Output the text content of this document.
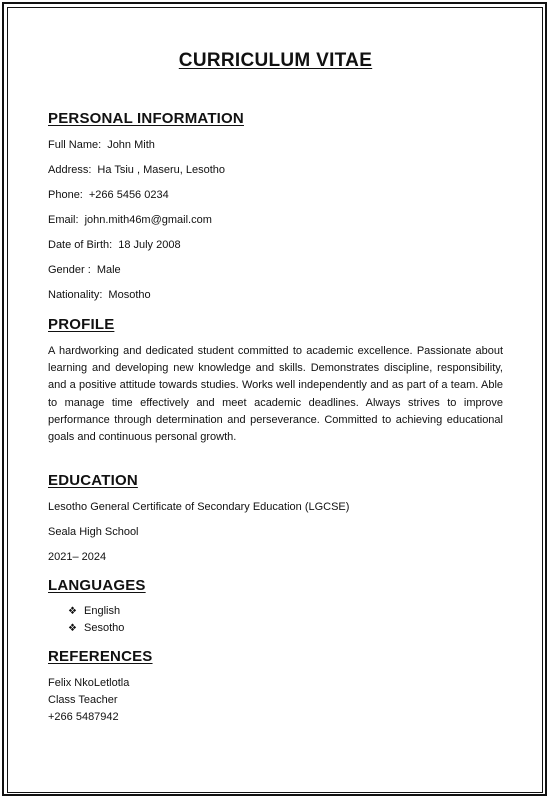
CURRICULUM VITAE
PERSONAL INFORMATION
Full Name: John Mith
Address: Ha Tsiu , Maseru, Lesotho
Phone: +266 5456 0234
Email: john.mith46m@gmail.com
Date of Birth: 18 July 2008
Gender : Male
Nationality: Mosotho
PROFILE
A hardworking and dedicated student committed to academic excellence. Passionate about learning and developing new knowledge and skills. Demonstrates discipline, responsibility, and a positive attitude towards studies. Works well independently and as part of a team. Able to manage time effectively and meet academic deadlines. Always strives to improve performance through determination and perseverance. Committed to achieving educational goals and continuous personal growth.
EDUCATION
Lesotho General Certificate of Secondary Education (LGCSE)
Seala High School
2021– 2024
LANGUAGES
❖ English
❖ Sesotho
REFERENCES
Felix NkoLetlotla
Class Teacher
+266 5487942
